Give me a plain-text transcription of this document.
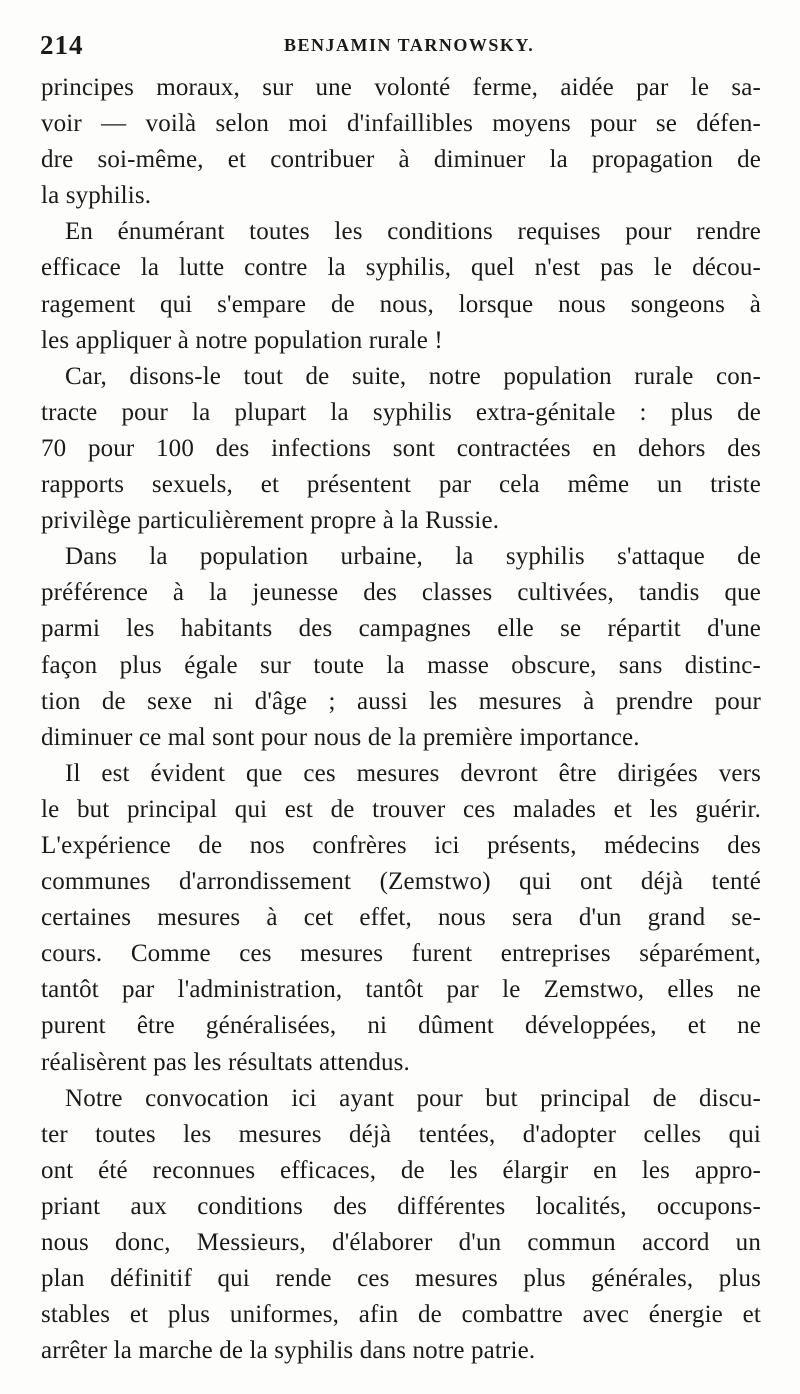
214	BENJAMIN TARNOWSKY.
principes moraux, sur une volonté ferme, aidée par le sa-
voir — voilà selon moi d'infaillibles moyens pour se défen-
dre soi-même, et contribuer à diminuer la propagation de
la syphilis.
En énumérant toutes les conditions requises pour rendre
efficace la lutte contre la syphilis, quel n'est pas le décou-
ragement qui s'empare de nous, lorsque nous songeons à
les appliquer à notre population rurale !
Car, disons-le tout de suite, notre population rurale con-
tracte pour la plupart la syphilis extra-génitale : plus de
70 pour 100 des infections sont contractées en dehors des
rapports sexuels, et présentent par cela même un triste
privilège particulièrement propre à la Russie.
Dans la population urbaine, la syphilis s'attaque de
préférence à la jeunesse des classes cultivées, tandis que
parmi les habitants des campagnes elle se répartit d'une
façon plus égale sur toute la masse obscure, sans distinc-
tion de sexe ni d'âge ; aussi les mesures à prendre pour
diminuer ce mal sont pour nous de la première importance.
Il est évident que ces mesures devront être dirigées vers
le but principal qui est de trouver ces malades et les guérir.
L'expérience de nos confrères ici présents, médecins des
communes d'arrondissement (Zemstwo) qui ont déjà tenté
certaines mesures à cet effet, nous sera d'un grand se-
cours. Comme ces mesures furent entreprises séparément,
tantôt par l'administration, tantôt par le Zemstwo, elles ne
purent être généralisées, ni dûment développées, et ne
réalisèrent pas les résultats attendus.
Notre convocation ici ayant pour but principal de discu-
ter toutes les mesures déjà tentées, d'adopter celles qui
ont été reconnues efficaces, de les élargir en les appro-
priant aux conditions des différentes localités, occupons-
nous donc, Messieurs, d'élaborer d'un commun accord un
plan définitif qui rende ces mesures plus générales, plus
stables et plus uniformes, afin de combattre avec énergie et
arrêter la marche de la syphilis dans notre patrie.
